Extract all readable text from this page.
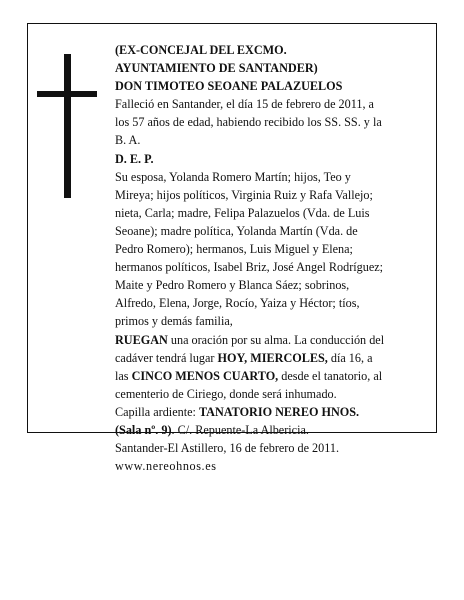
(EX-CONCEJAL DEL EXCMO.
AYUNTAMIENTO DE SANTANDER)
DON TIMOTEO SEOANE PALAZUELOS
Falleció en Santander, el día 15 de febrero de 2011, a
los 57 años de edad, habiendo recibido los SS. SS. y la
B. A.
D. E. P.
Su esposa, Yolanda Romero Martín; hijos, Teo y
Mireya; hijos políticos, Virginia Ruiz y Rafa Vallejo;
nieta, Carla; madre, Felipa Palazuelos (Vda. de Luis
Seoane); madre política, Yolanda Martín (Vda. de
Pedro Romero); hermanos, Luis Miguel y Elena;
hermanos políticos, Isabel Briz, José Angel Rodríguez;
Maite y Pedro Romero y Blanca Sáez; sobrinos,
Alfredo, Elena, Jorge, Rocío, Yaiza y Héctor; tíos,
primos y demás familia,
RUEGAN una oración por su alma. La conducción del
cadáver tendrá lugar HOY, MIERCOLES, día 16, a
las CINCO MENOS CUARTO, desde el tanatorio, al
cementerio de Ciriego, donde será inhumado.
Capilla ardiente: TANATORIO NEREO HNOS.
(Sala nº. 9). C/. Repuente-La Albericia.
Santander-El Astillero, 16 de febrero de 2011.
www.nereohnos.es
